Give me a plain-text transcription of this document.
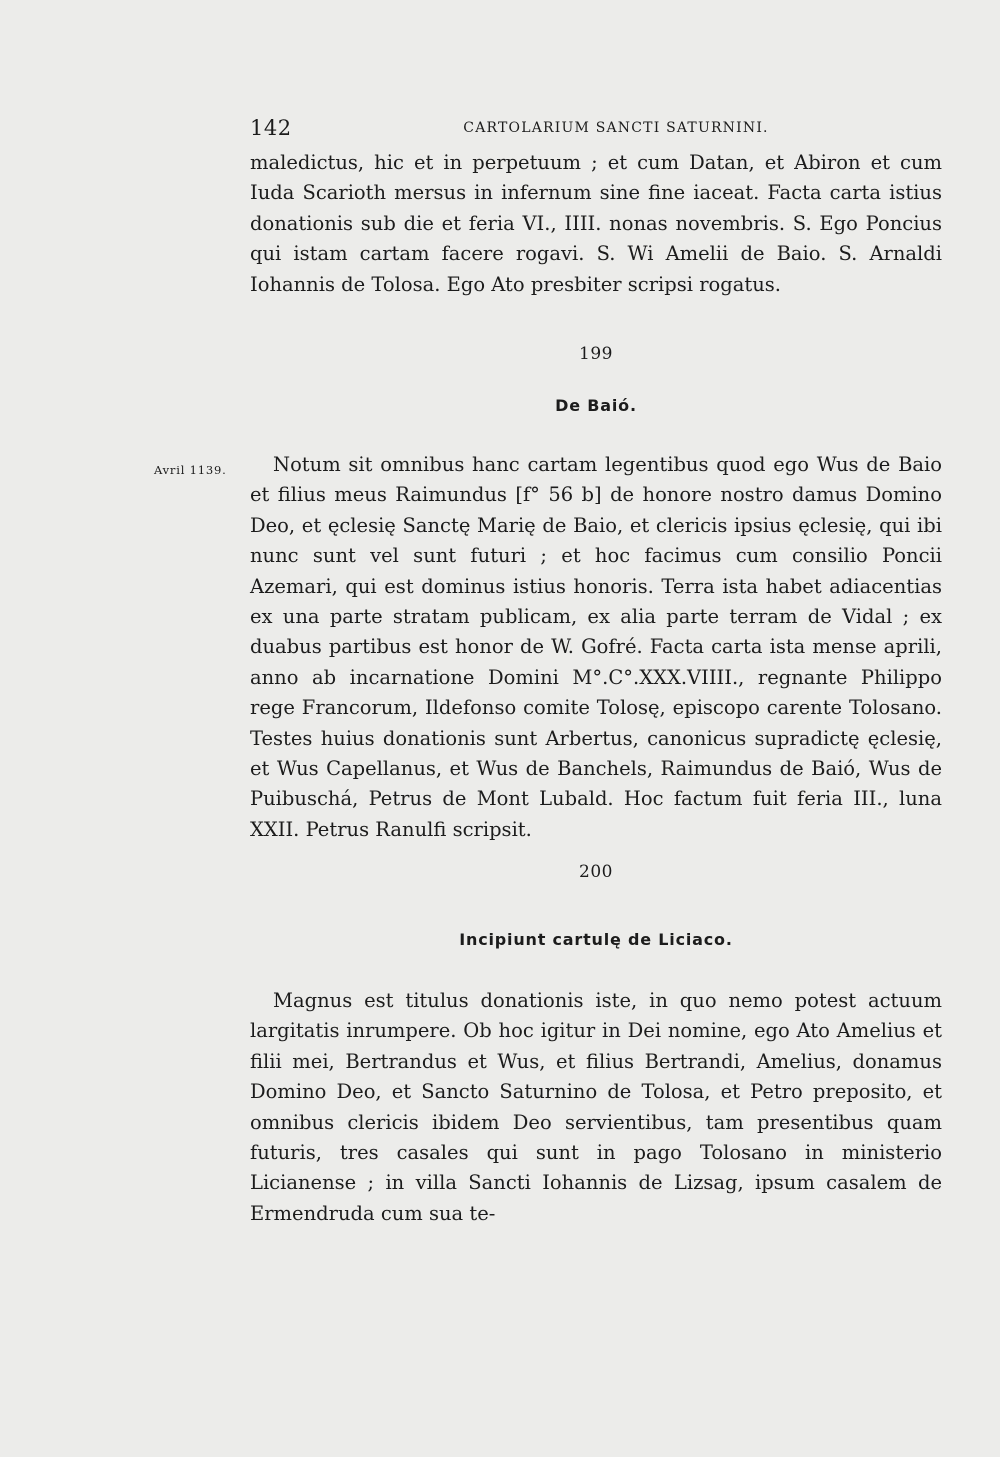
142	CARTOLARIUM SANCTI SATURNINI.

maledictus, hic et in perpetuum ; et cum Datan, et Abiron et cum Iuda Scarioth mersus in infernum sine fine iaceat. Facta carta istius donationis sub die et feria VI., IIII. nonas novembris. S. Ego Poncius qui istam cartam facere rogavi. S. Wi Amelii de Baio. S. Arnaldi Iohannis de Tolosa. Ego Ato presbiter scripsi rogatus.

199

De Baió.

Avril 1139.	Notum sit omnibus hanc cartam legentibus quod ego Wus de Baio et filius meus Raimundus [f° 56 b] de honore nostro damus Domino Deo, et ęclesię Sanctę Marię de Baio, et clericis ipsius ęclesię, qui ibi nunc sunt vel sunt futuri ; et hoc facimus cum consilio Poncii Azemari, qui est dominus istius honoris. Terra ista habet adiacentias ex una parte stratam publicam, ex alia parte terram de Vidal ; ex duabus partibus est honor de W. Gofré. Facta carta ista mense aprili, anno ab incarnatione Domini M°.C°.XXX.VIIII., regnante Philippo rege Francorum, Ildefonso comite Tolosę, episcopo carente Tolosano. Testes huius donationis sunt Arbertus, canonicus supradictę ęclesię, et Wus Capellanus, et Wus de Banchels, Raimundus de Baió, Wus de Puibuschá, Petrus de Mont Lubald. Hoc factum fuit feria III., luna XXII. Petrus Ranulfi scripsit.

200

Incipiunt cartulę de Liciaco.

Magnus est titulus donationis iste, in quo nemo potest actuum largitatis inrumpere. Ob hoc igitur in Dei nomine, ego Ato Amelius et filii mei, Bertrandus et Wus, et filius Bertrandi, Amelius, donamus Domino Deo, et Sancto Saturnino de Tolosa, et Petro preposito, et omnibus clericis ibidem Deo servientibus, tam presentibus quam futuris, tres casales qui sunt in pago Tolosano in ministerio Licianense ; in villa Sancti Iohannis de Lizsag, ipsum casalem de Ermendruda cum sua te-
